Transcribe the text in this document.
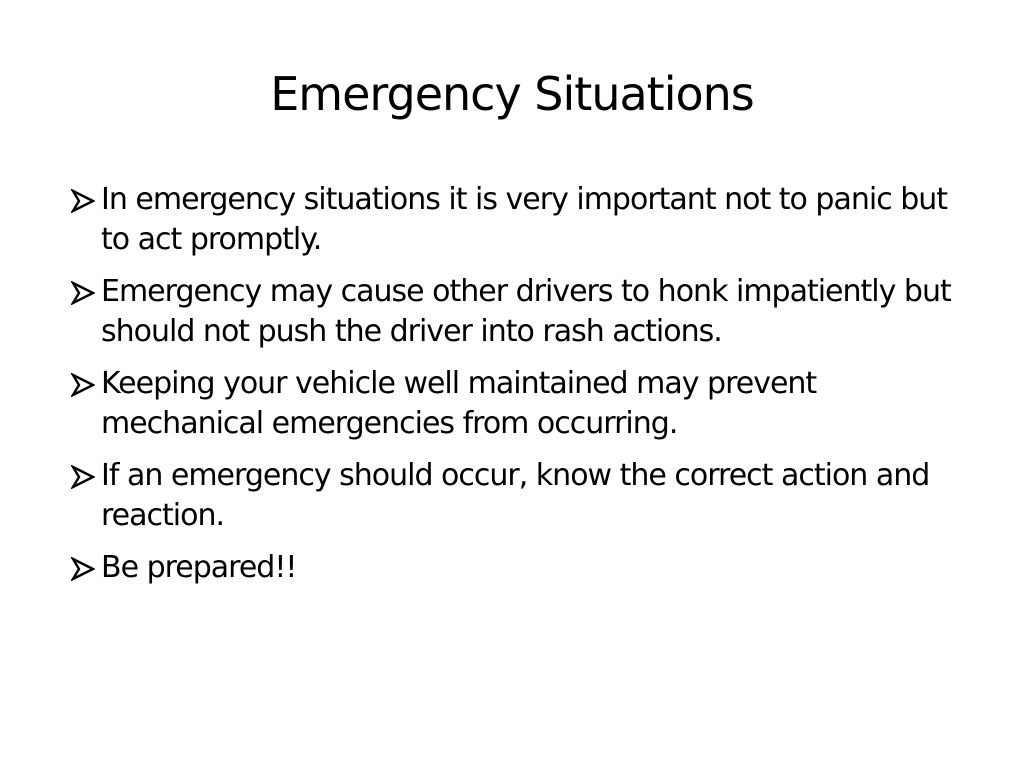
Emergency Situations
In emergency situations it is very important not to panic but to act promptly.
Emergency may cause other drivers to honk impatiently but should not push the driver into rash actions.
Keeping your vehicle well maintained may prevent mechanical emergencies from occurring.
If an emergency should occur, know the correct action and reaction.
Be prepared!!
